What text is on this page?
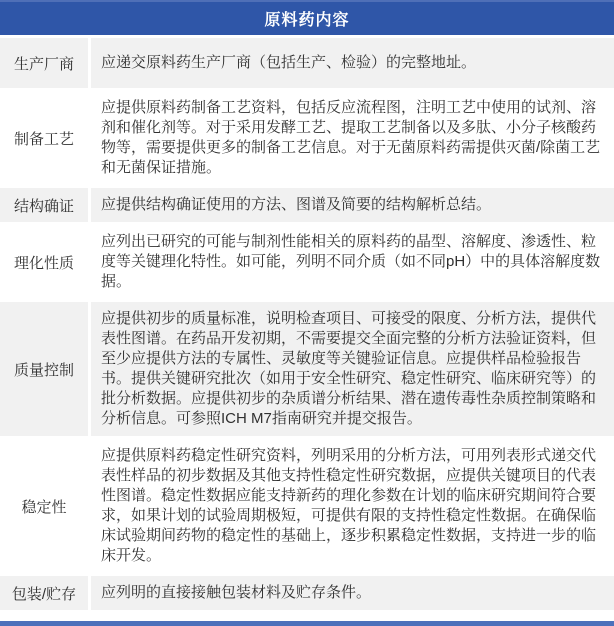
原料药内容
生产厂商 应递交原料药生产厂商（包括生产、检验）的完整地址。
制备工艺
应提供原料药制备工艺资料，包括反应流程图，注明工艺中使用的试剂、溶剂和催化剂等。对于采用发酵工艺、提取工艺制备以及多肽、小分子核酸药物等，需要提供更多的制备工艺信息。对于无菌原料药需提供灭菌/除菌工艺和无菌保证措施。
结构确证 应提供结构确证使用的方法、图谱及简要的结构解析总结。
理化性质
应列出已研究的可能与制剂性能相关的原料药的晶型、溶解度、渗透性、粒度等关键理化特性。如可能，列明不同介质（如不同pH）中的具体溶解度数据。
质量控制
应提供初步的质量标准，说明检查项目、可接受的限度、分析方法，提供代表性图谱。在药品开发初期，不需要提交全面完整的分析方法验证资料，但至少应提供方法的专属性、灵敏度等关键验证信息。应提供样品检验报告书。提供关键研究批次（如用于安全性研究、稳定性研究、临床研究等）的批分析数据。应提供初步的杂质谱分析结果、潜在遗传毒性杂质控制策略和分析信息。可参照ICH M7指南研究并提交报告。
稳定性
应提供原料药稳定性研究资料，列明采用的分析方法，可用列表形式递交代表性样品的初步数据及其他支持性稳定性研究数据，应提供关键项目的代表性图谱。稳定性数据应能支持新药的理化参数在计划的临床研究期间符合要求，如果计划的试验周期极短，可提供有限的支持性稳定性数据。在确保临床试验期间药物的稳定性的基础上，逐步积累稳定性数据，支持进一步的临床开发。
包装/贮存 应列明的直接接触包装材料及贮存条件。
